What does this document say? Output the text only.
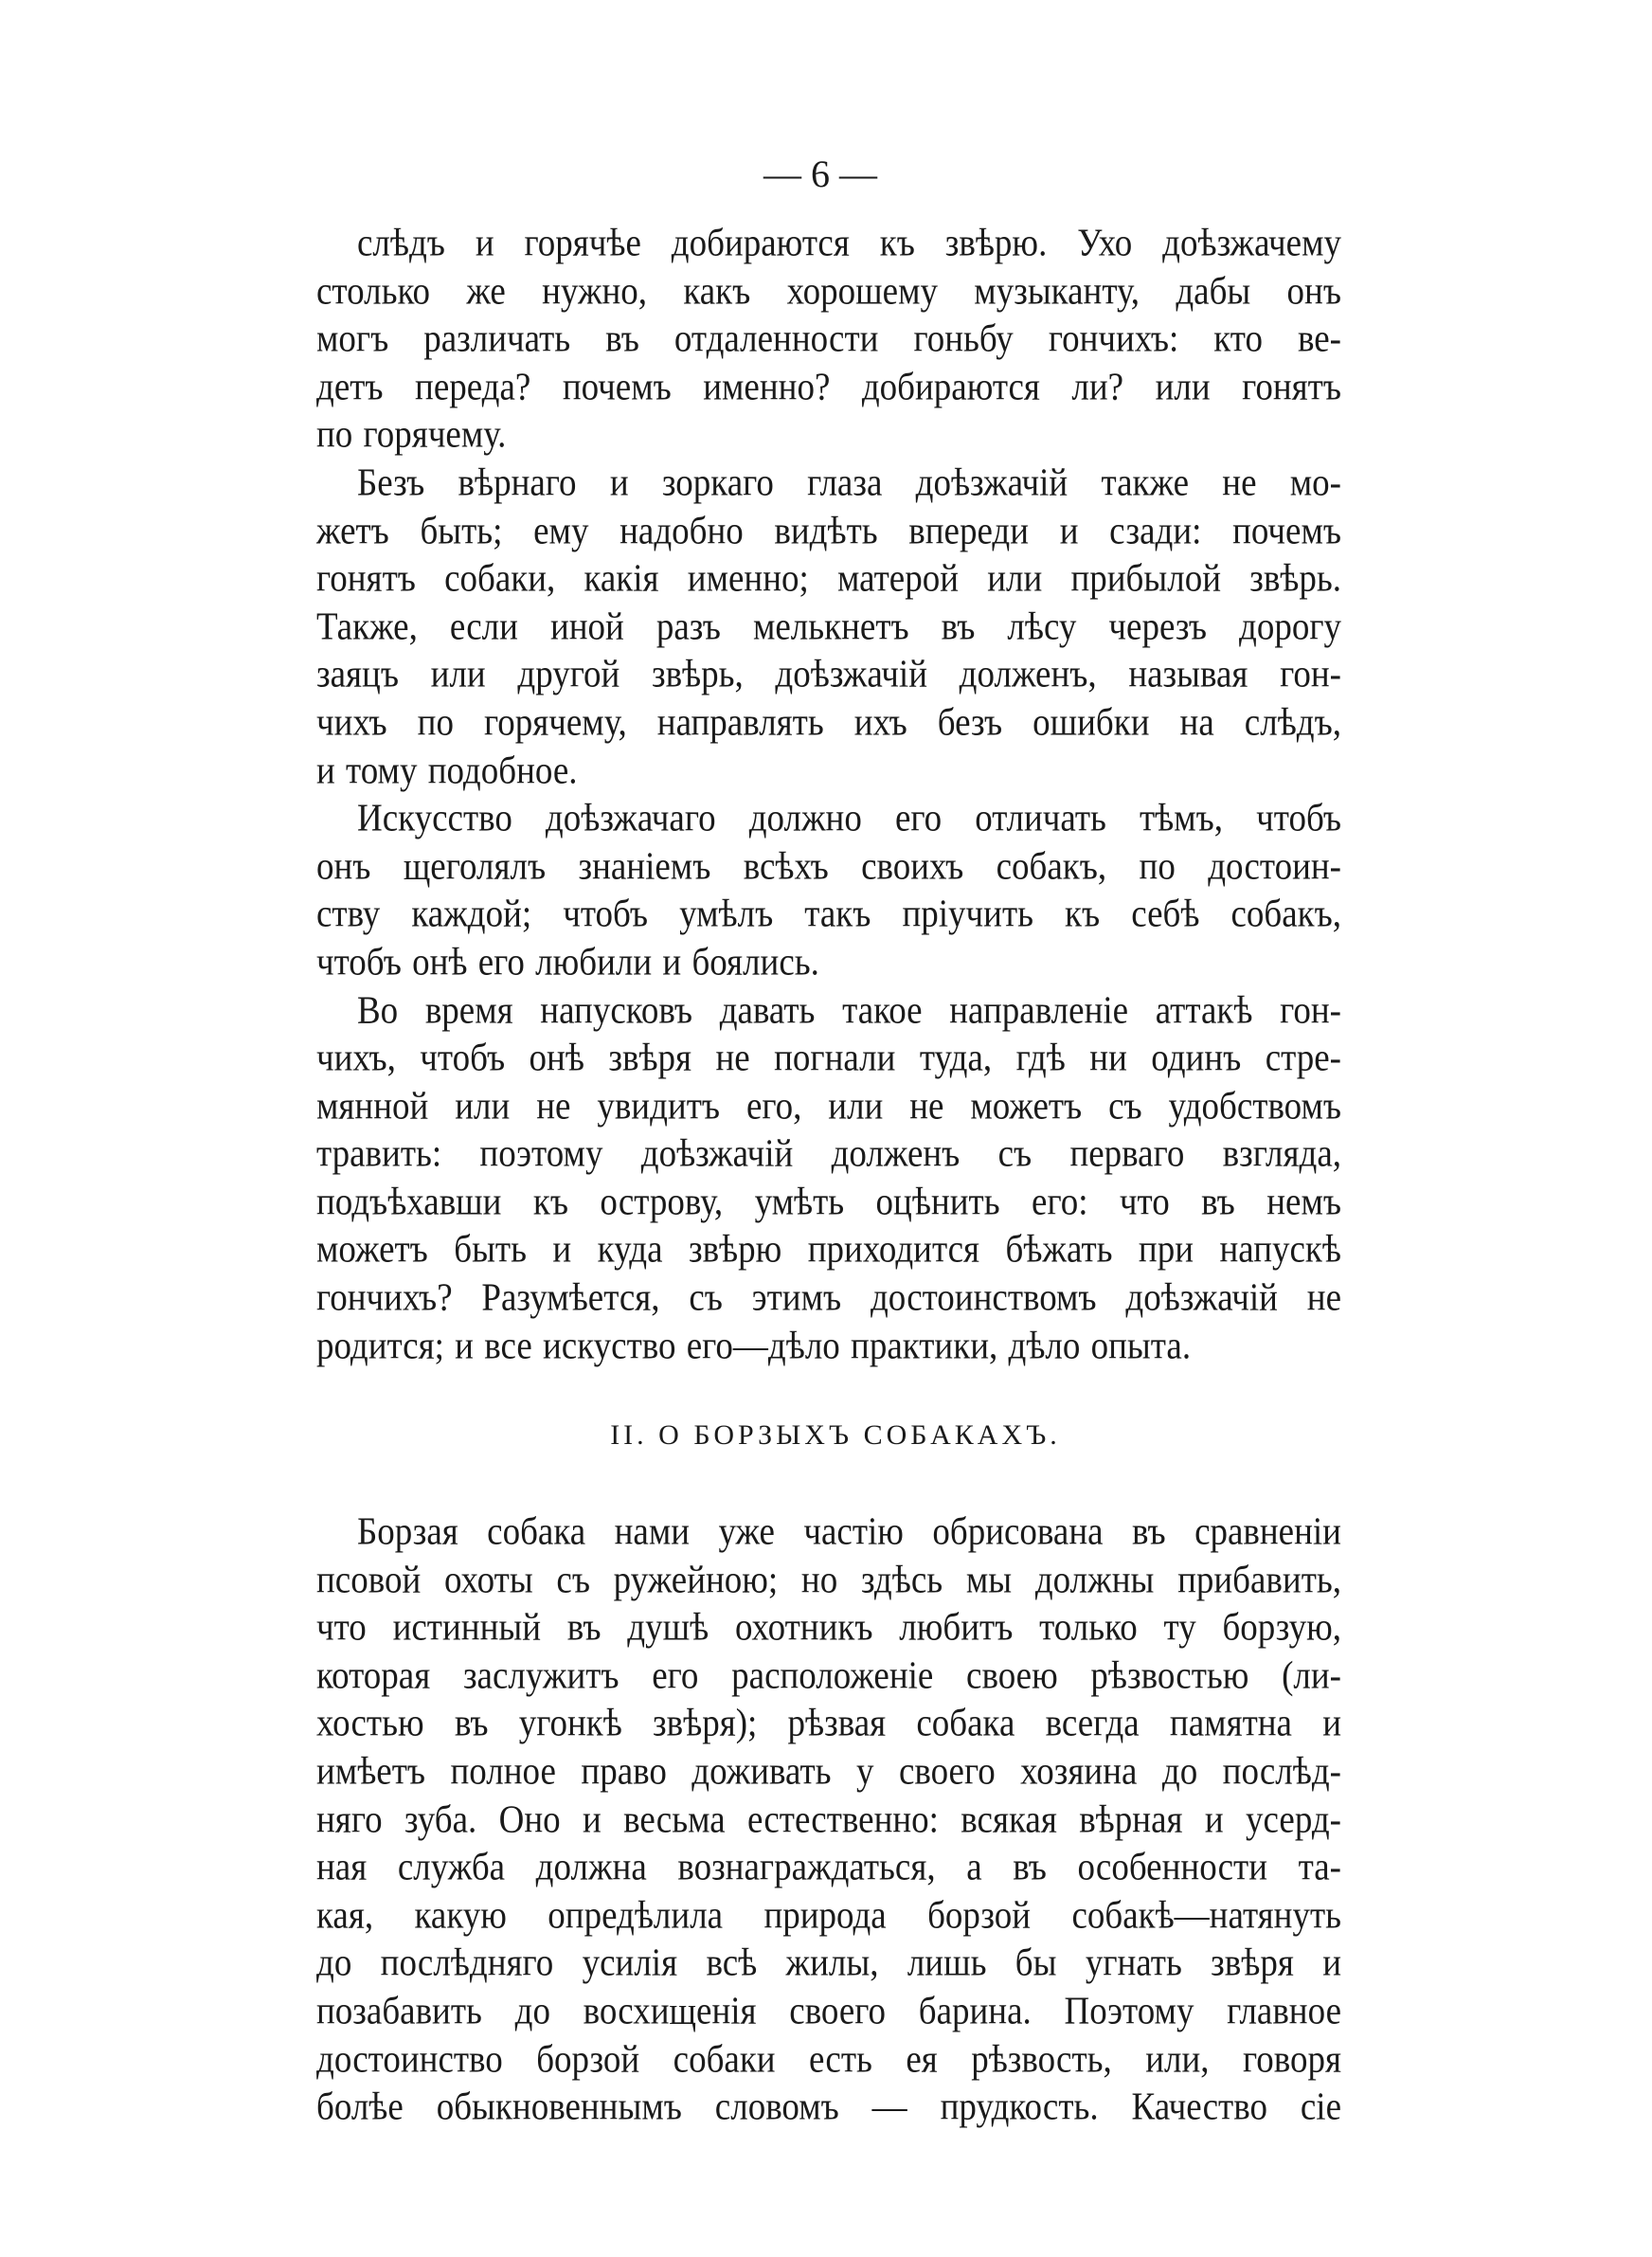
— 6 —
слѣдъ и горячѣе добираются къ звѣрю. Ухо доѣзжачему
столько же нужно, какъ хорошему музыканту, дабы онъ
могъ различать въ отдаленности гоньбу гончихъ: кто ве-
детъ переда? почемъ именно? добираются ли? или гонятъ
по горячему.
Безъ вѣрнаго и зоркаго глаза доѣзжачій также не мо-
жетъ быть; ему надобно видѣть впереди и сзади: почемъ
гонятъ собаки, какія именно; матерой или прибылой звѣрь.
Также, если иной разъ мелькнетъ въ лѣсу черезъ дорогу
заяцъ или другой звѣрь, доѣзжачій долженъ, называя гон-
чихъ по горячему, направлять ихъ безъ ошибки на слѣдъ,
и тому подобное.
Искусство доѣзжачаго должно его отличать тѣмъ, чтобъ
онъ щеголялъ знаніемъ всѣхъ своихъ собакъ, по достоин-
ству каждой; чтобъ умѣлъ такъ пріучить къ себѣ собакъ,
чтобъ онѣ его любили и боялись.
Во время напусковъ давать такое направленіе аттакѣ гон-
чихъ, чтобъ онѣ звѣря не погнали туда, гдѣ ни одинъ стре-
мянной или не увидитъ его, или не можетъ съ удобствомъ
травить: поэтому доѣзжачій долженъ съ перваго взгляда,
подъѣхавши къ острову, умѣть оцѣнить его: что въ немъ
можетъ быть и куда звѣрю приходится бѣжать при напускѣ
гончихъ? Разумѣется, съ этимъ достоинствомъ доѣзжачій не
родится; и все искуство его—дѣло практики, дѣло опыта.
II. О БОРЗЫХЪ СОБАКАХЪ.
Борзая собака нами уже частію обрисована въ сравненіи
псовой охоты съ ружейною; но здѣсь мы должны прибавить,
что истинный въ душѣ охотникъ любитъ только ту борзую,
которая заслужитъ его расположеніе своею рѣзвостью (ли-
хостью въ угонкѣ звѣря); рѣзвая собака всегда памятна и
имѣетъ полное право доживать у своего хозяина до послѣд-
няго зуба. Оно и весьма естественно: всякая вѣрная и усерд-
ная служба должна вознаграждаться, а въ особенности та-
кая, какую опредѣлила природа борзой собакѣ—натянуть
до послѣдняго усилія всѣ жилы, лишь бы угнать звѣря и
позабавить до восхищенія своего барина. Поэтому главное
достоинство борзой собаки есть ея рѣзвость, или, говоря
болѣе обыкновеннымъ словомъ — прудкость. Качество сіе
